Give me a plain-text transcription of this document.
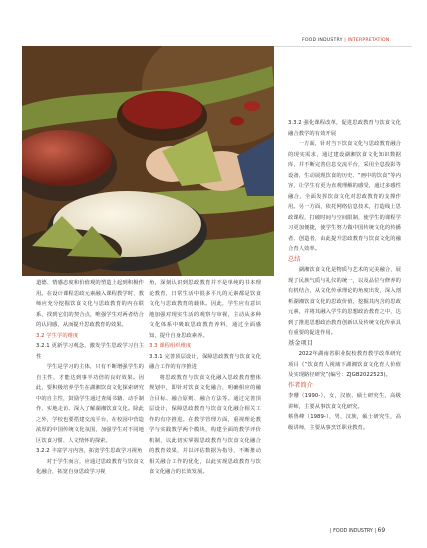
FOOD INDUSTRY | INTERPRETATION

道德、情感态度和价值观的塑造上起到积极作用。在设计课程思政元素融入课程教学时，教师应充分挖掘饮食文化与思政教育的内在联系，找到它们的契合点，唯强学生对两者结合的认同感，从而提升思政教育的效果。

3.2 学生学的维度

3.2.1 更新学习观念，激发学生思政学习自主性

学生是学习的主体，只有不断增强学生的自主性，才能达到事半功倍的良好效果。因此，要积极培养学生在湖湘饮食文化探索研究中的自主性，鼓励学生通过查阅书籍、动手制作、实地走访、深入了解湖湘饮食文化。除此之外，学校也要搭建交流平台，在校园中营造浓厚的中国传统文化氛围，加强学生对不同地区饮食习惯、人文情怀的探索。

3.2.2 丰富学习内容，拓宽学生思政学习视角

对于学生而言，应通过思政教育与饮食文化融合，拓宽自身思政学习视

角，深刻认识到思政教育并不是单纯的书本理论教育，日常生活中很多平凡的元素都是饮食文化与思政教育的载体。因此，学生应有意识地加强对现实生活的观察与审视，主动从多种文化体系中吸取思政教育养料，通过全面感知，提升自身思政素养。

3.3 课程组织维度

3.3.1 完善顶层设计，保障思政教育与饮食文化融合工作的有序推进

将思政教育与饮食文化融入思政教育整体规划中，即针对饮食文化融合，明确相应的融合目标、融合原则、融合方法等。通过完善顶层设计，保障思政教育与饮食文化融合相关工作的有序推进。在教学管理方面，重视理论教学与实践教学两个模块，构建全面的教学评价机制，以此切实掌握思政教育与饮食文化融合的教育效果，并以评估数据为指导，不断推动相关融合工作的优化，以此实现思政教育与饮食文化融合的长效发展。

3.3.2 强化课程改革，促进思政教育与饮食文化融合教学的有效开展

一方面，针对当下饮食文化与思政教育融合的现实需求，通过建设湖湘饮食文化知识数据库，并不断完善信息交流平台，采用全息投影等设备，生动展现饮食的历史、“画中的饮食”等内容，让学生有更为直观理解的感受，通过多感性融合，全面发挥饮食文化对思政教育的支撑作用。另一方面，依托网络信息技术，打造线上思政课程，打破时间与空间限制，使学生的课程学习更加便捷，使学生努力做中国传统文化的传播者、创造者，由此提升思政教育与饮食文化的融合育人效率。

总结

湖湘饮食文化是物质与艺术的完美融合，展现了民族气质与礼仪的统一，以及品位与修养的有机结合，从文化传承理论的角度出发，深入剖析湖湘饮食文化的思政价值，挖掘其内含的思政元素，并将其融入学生的思想政治教育之中，达到了推进思想政治教育创新以及传统文化传承具有重要的促进作用。

基金项目

2022年湖南省职业院校教育教学改革研究项目《“饮食育人视域下湖湘饮食文化育人价值及实现路径研究”(编号：ZJGB2022523)。

作者简介

李珊（1990-），女，汉族，硕士研究生，高级讲师，主要从事饮食文化研究。

蔡鲁峰（1989-），男，汉族，硕士研究生，高级讲师，主要从事烹饪职业教育。

| FOOD INDUSTRY | 69
